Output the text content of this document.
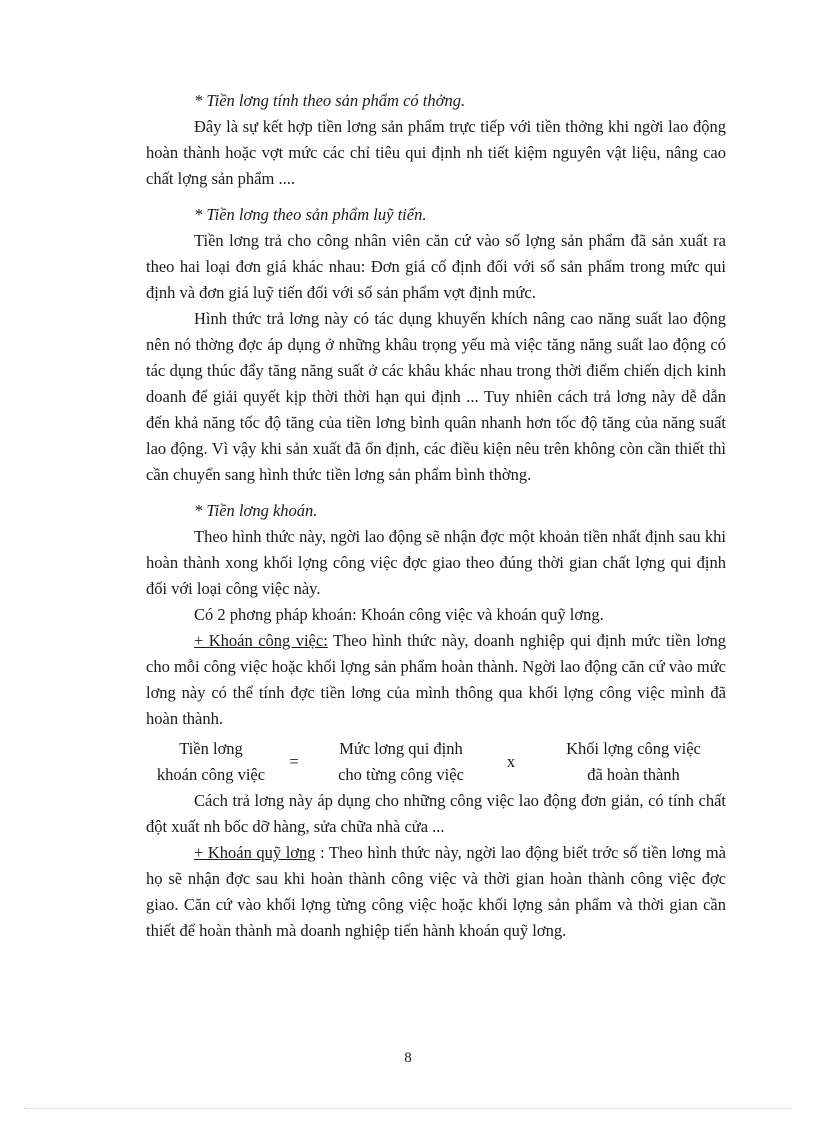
* Tiền lơng tính theo sản phẩm có thởng.

Đây là sự kết hợp tiền lơng sản phẩm trực tiếp với tiền thởng khi ngời lao động hoàn thành hoặc vợt mức các chỉ tiêu qui định nh tiết kiệm nguyên vật liệu, nâng cao chất lợng sản phẩm ....

* Tiền lơng theo sản phẩm luỹ tiến.

Tiền lơng trả cho công nhân viên căn cứ vào số lợng sản phẩm đã sản xuất ra theo hai loại đơn giá khác nhau: Đơn giá cố định đối với số sản phẩm trong mức qui định và đơn giá luỹ tiến đối với số sản phẩm vợt định mức.

Hình thức trả lơng này có tác dụng khuyến khích nâng cao năng suất lao động nên nó thờng đợc áp dụng ở những khâu trọng yếu mà việc tăng năng suất lao động có tác dụng thúc đẩy tăng năng suất ở các khâu khác nhau trong thời điểm chiến dịch kinh doanh để giải quyết kịp thời thời hạn qui định ... Tuy nhiên cách trả lơng này dễ dẫn đến khả năng tốc độ tăng của tiền lơng bình quân nhanh hơn tốc độ tăng của năng suất lao động. Vì vậy khi sản xuất đã ổn định, các điều kiện nêu trên không còn cần thiết thì cần chuyển sang hình thức tiền lơng sản phẩm bình thờng.

* Tiền lơng khoán.

Theo hình thức này, ngời lao động sẽ nhận đợc một khoản tiền nhất định sau khi hoàn thành xong khối lợng công việc đợc giao theo đúng thời gian chất lợng qui định đối với loại công việc này.

Có 2 phơng pháp khoán: Khoán công việc và khoán quỹ lơng.

+ Khoán công việc: Theo hình thức này, doanh nghiệp qui định mức tiền lơng cho mỗi công việc hoặc khối lợng sản phẩm hoàn thành. Ngời lao động căn cứ vào mức lơng này có thể tính đợc tiền lơng của mình thông qua khối lợng công việc mình đã hoàn thành.

Tiền lơng
khoán công việc
=
Mức lơng qui định
cho từng công việc
x
Khối lợng công việc
đã hoàn thành

Cách trả lơng này áp dụng cho những công việc lao động đơn giản, có tính chất đột xuất nh bốc dỡ hàng, sửa chữa nhà cửa ...

+ Khoán quỹ lơng : Theo hình thức này, ngời lao động biết trớc số tiền lơng mà họ sẽ nhận đợc sau khi hoàn thành công việc và thời gian hoàn thành công việc đợc giao. Căn cứ vào khối lợng từng công việc hoặc khối lợng sản phẩm và thời gian cần thiết để hoàn thành mà doanh nghiệp tiến hành khoán quỹ lơng.

8
